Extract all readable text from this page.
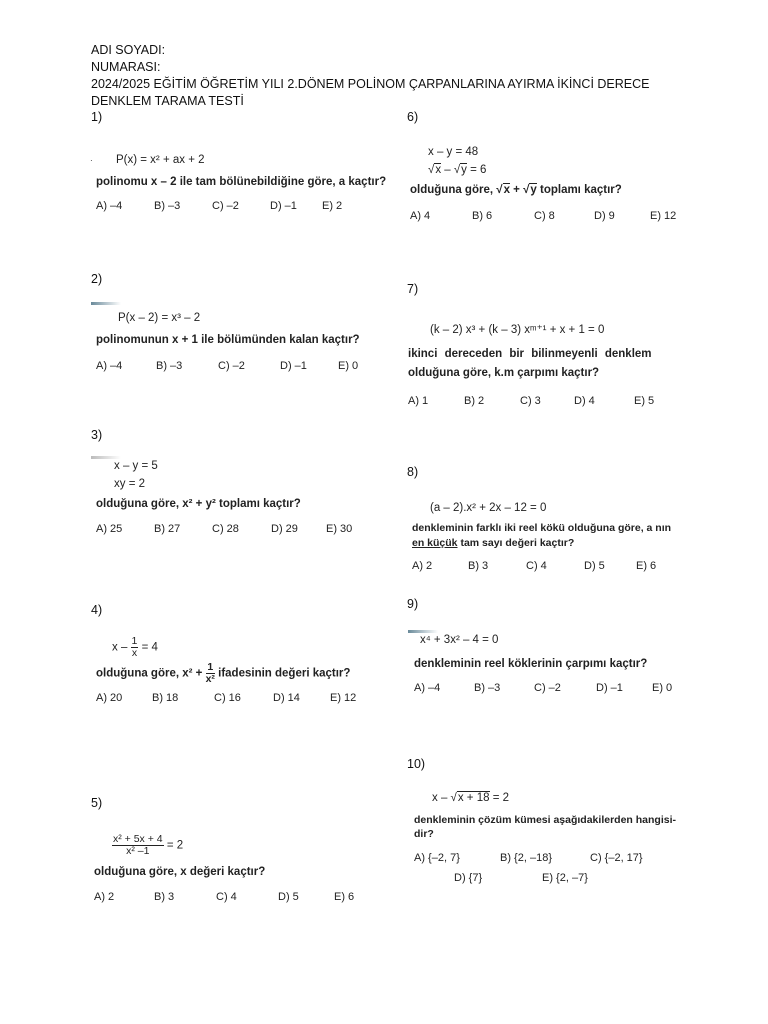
ADI SOYADI:
NUMARASI:
2024/2025 EĞİTİM ÖĞRETİM YILI 2.DÖNEM POLİNOM ÇARPANLARINA AYIRMA İKİNCİ DERECE
DENKLEM TARAMA TESTİ
1)
· P(x) = x² + ax + 2
polinomu x – 2 ile tam bölünebildiğine göre, a kaçtır?
A) –4	B) –3	C) –2	D) –1 E) 2
2)
P(x – 2) = x³ – 2
polinomunun x + 1 ile bölümünden kalan kaçtır?
A) –4	B) –3	C) –2	D) –1	E) 0
3)
x – y = 5
xy = 2
olduğuna göre, x² + y² toplamı kaçtır?
A) 25	B) 27	C) 28	D) 29	E) 30
4)
$x - \frac{1}{x} = 4$
olduğuna göre, $x^2 + \frac{1}{\text{x²}}$ ifadesinin değeri kaçtır?
A) 20	B) 18	C) 16	D) 14	E) 12
5)
$\frac{\text{x² + 5x + 4}}{\text{x² –1}} = 2$
olduğuna göre, x değeri kaçtır?
A) 2	B) 3	C) 4	D) 5	E) 6
6)
x – y = 48
√x – √y = 6
olduğuna göre, √x + √y toplamı kaçtır?
A) 4	B) 6	C) 8	D) 9	E) 12
7)
(k – 2) x³ + (k – 3) xᵐ⁺¹ + x + 1 = 0
ikinci dereceden bir bilinmeyenli denklem
olduğuna göre, k.m çarpımı kaçtır?
A) 1	B) 2	C) 3	D) 4	E) 5
8)
(a – 2).x² + 2x – 12 = 0
denkleminin farklı iki reel kökü olduğuna göre, a nın
en küçük tam sayı değeri kaçtır?
A) 2	B) 3	C) 4	D) 5	E) 6
9)
x⁴ + 3x² – 4 = 0
denkleminin reel köklerinin çarpımı kaçtır?
A) –4	B) –3	C) –2	D) –1	E) 0
10)
x – √x + 18 = 2
denkleminin çözüm kümesi aşağıdakilerden hangisi-
dir?
A) {–2, 7}	B) {2, –18}	C) {–2, 17}
D) {7}	E) {2, –7}
